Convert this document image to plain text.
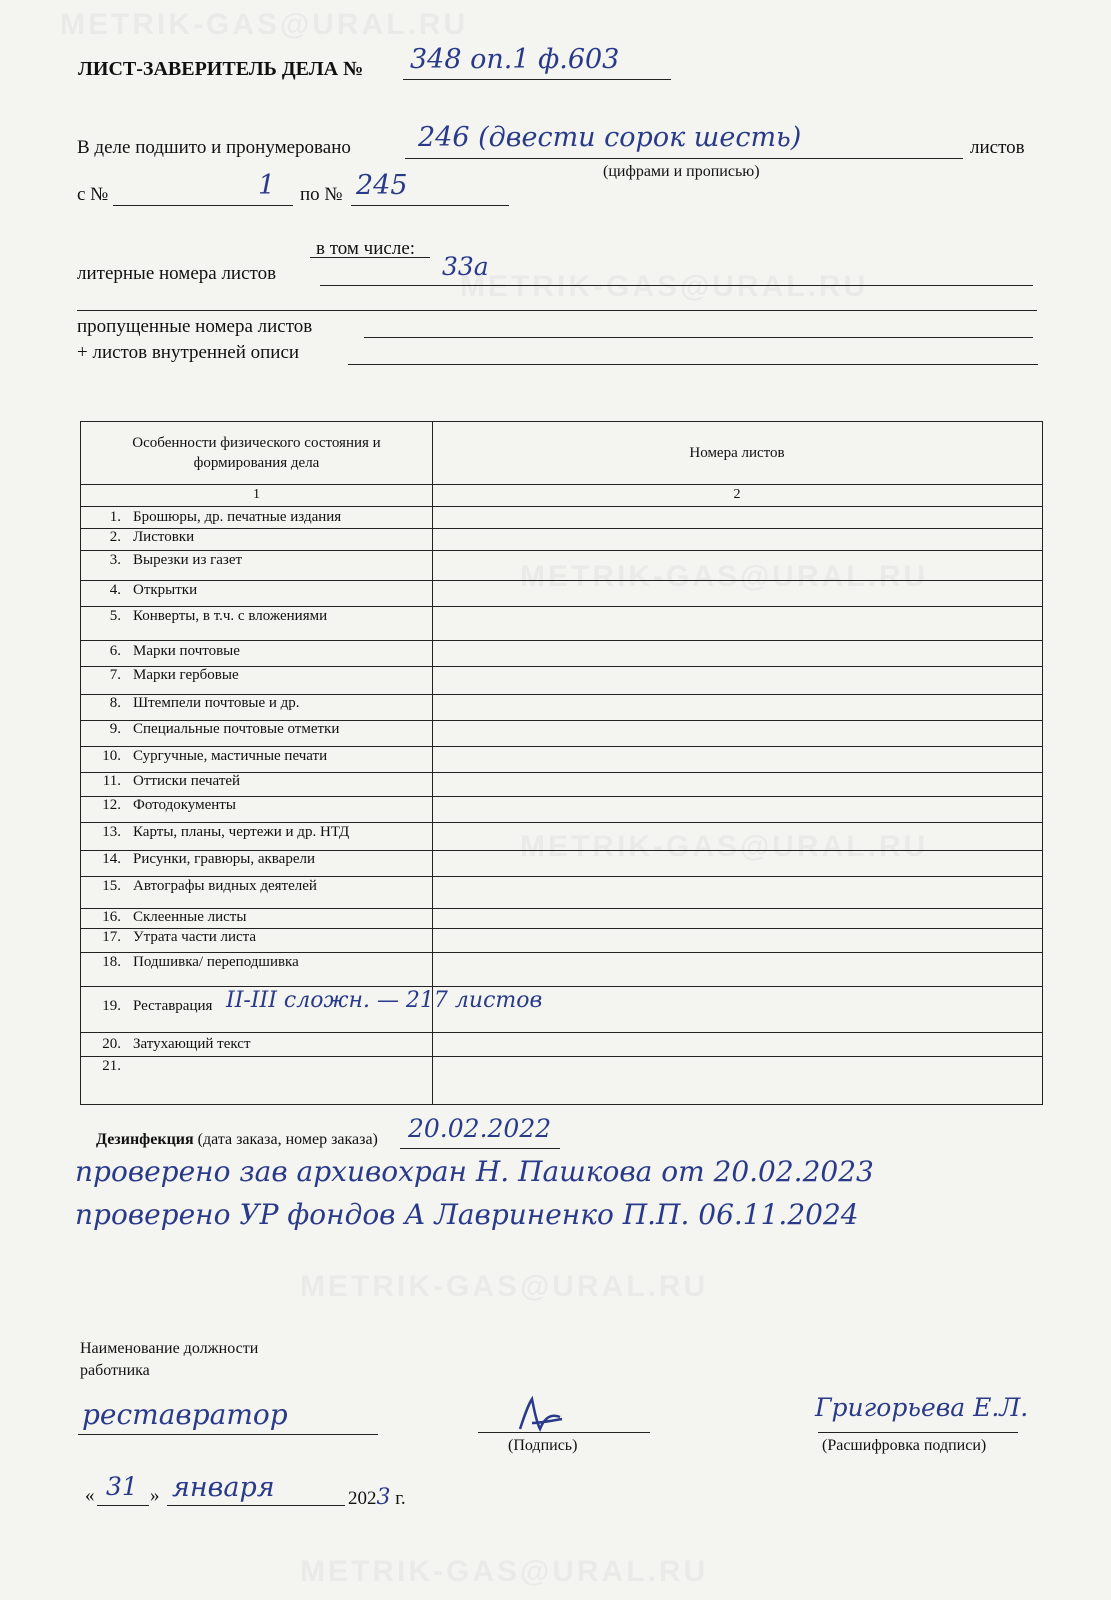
METRIK-GAS@URAL.RU
METRIK-GAS@URAL.RU
METRIK-GAS@URAL.RU
METRIK-GAS@URAL.RU
METRIK-GAS@URAL.RU
METRIK-GAS@URAL.RU
ЛИСТ-ЗАВЕРИТЕЛЬ ДЕЛА № 348 оп.1 ф.603
В деле подшито и пронумеровано 246 (двести сорок шесть)	листов
(цифрами и прописью)
с №	1 по № 245
в том числе:
литерные номера листов	33а
пропущенные номера листов
+ листов внутренней описи
Особенности физического состояния и формирования дела
Номера листов
1	2
1. Брошюры, др. печатные издания
2. Листовки
3. Вырезки из газет
4. Открытки
5. Конверты, в т.ч. с вложениями
6. Марки почтовые
7. Марки гербовые
8. Штемпели почтовые и др.
9. Специальные почтовые отметки
10. Сургучные, мастичные печати
11. Оттиски печатей
12. Фотодокументы
13. Карты, планы, чертежи и др. НТД
14. Рисунки, гравюры, акварели
15. Автографы видных деятелей
16. Склеенные листы
17. Утрата части листа
18. Подшивка/ переподшивка
19. Реставрация II-III сложн. — 217 листов
20. Затухающий текст
21.
Дезинфекция (дата заказа, номер заказа) 20.02.2022
проверено зав архивохран Н. Пашкова от 20.02.2023
проверено УР фондов А Лавриненко П.П. 06.11.2024
Наименование должности работника
реставратор
(Подпись)
Григорьева Е.Л.
(Расшифровка подписи)
« 31 » января	2023 г.
